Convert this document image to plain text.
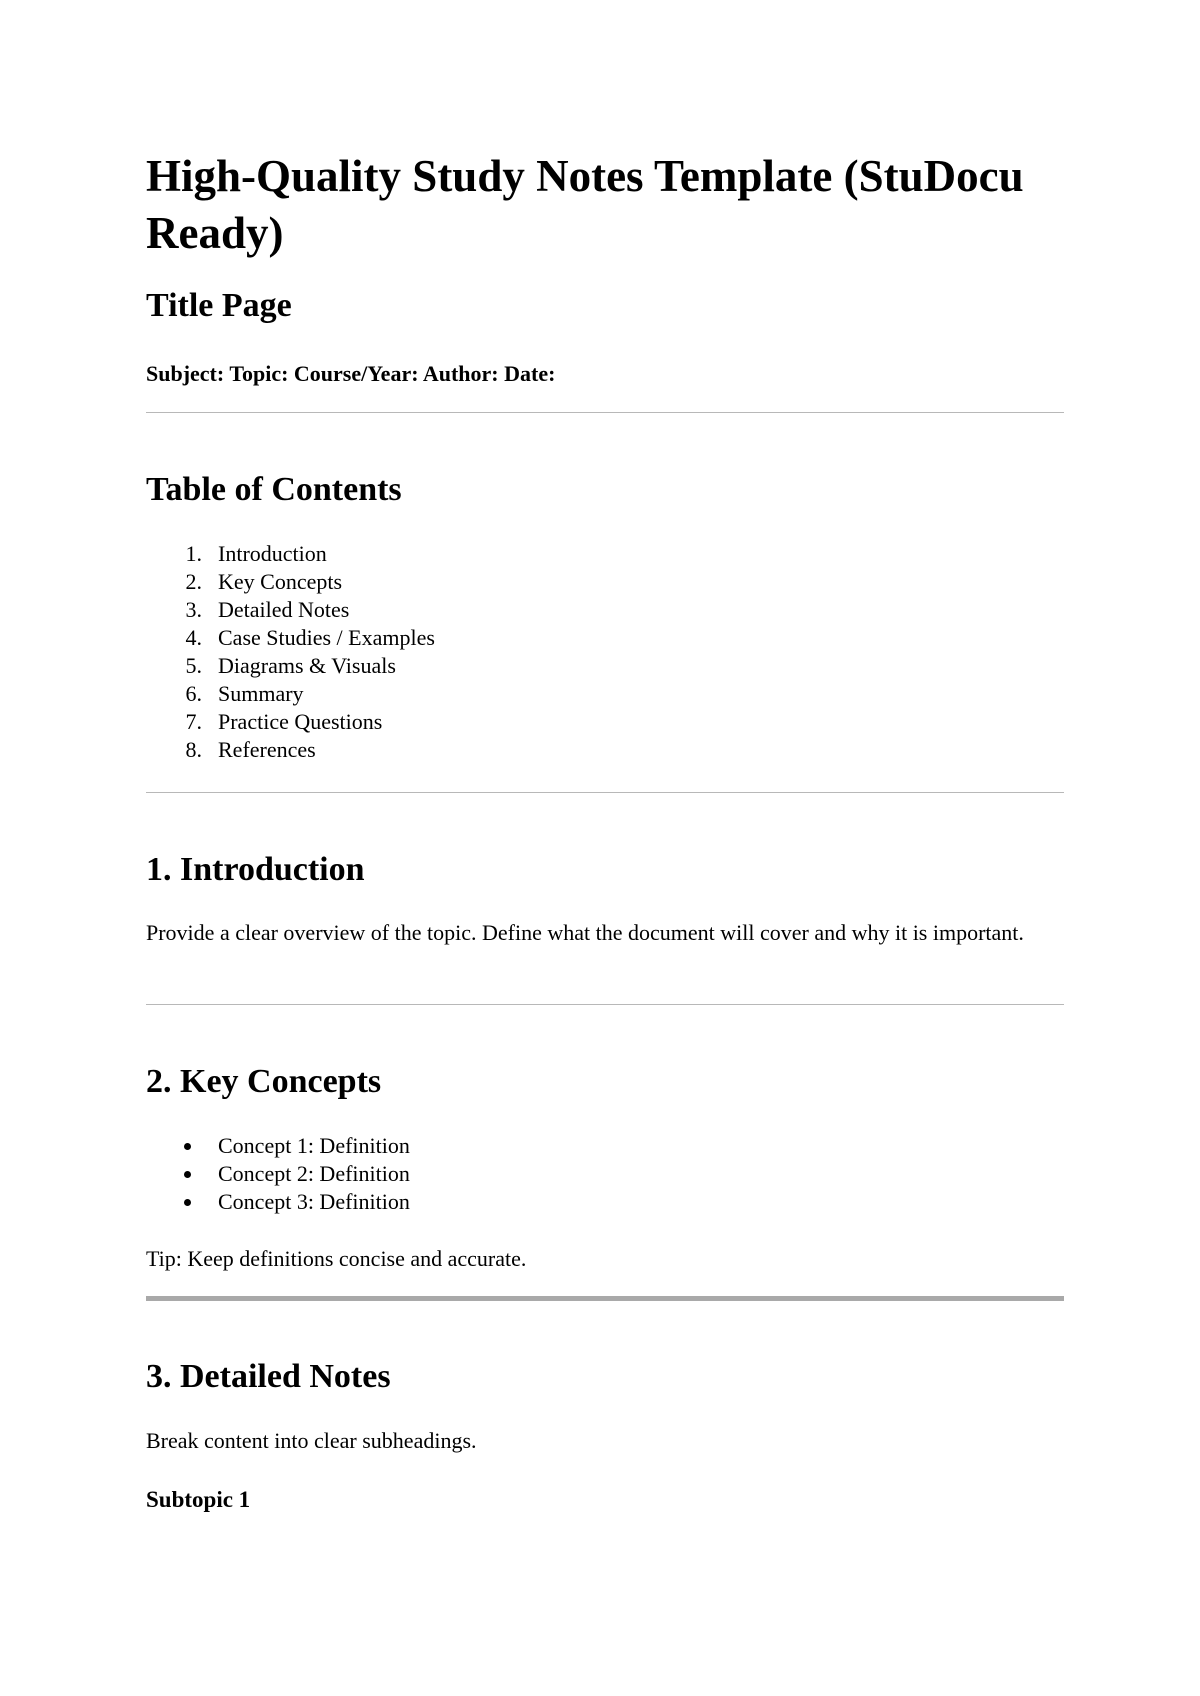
High-Quality Study Notes Template (StuDocu Ready)
Title Page

Subject: Topic: Course/Year: Author: Date:

Table of Contents
1. Introduction
2. Key Concepts
3. Detailed Notes
4. Case Studies / Examples
5. Diagrams & Visuals
6. Summary
7. Practice Questions
8. References
1. Introduction

Provide a clear overview of the topic. Define what the document will cover and why it is important.

2. Key Concepts
Concept 1: Definition
Concept 2: Definition
Concept 3: Definition

Tip: Keep definitions concise and accurate.

3. Detailed Notes

Break content into clear subheadings.

Subtopic 1
